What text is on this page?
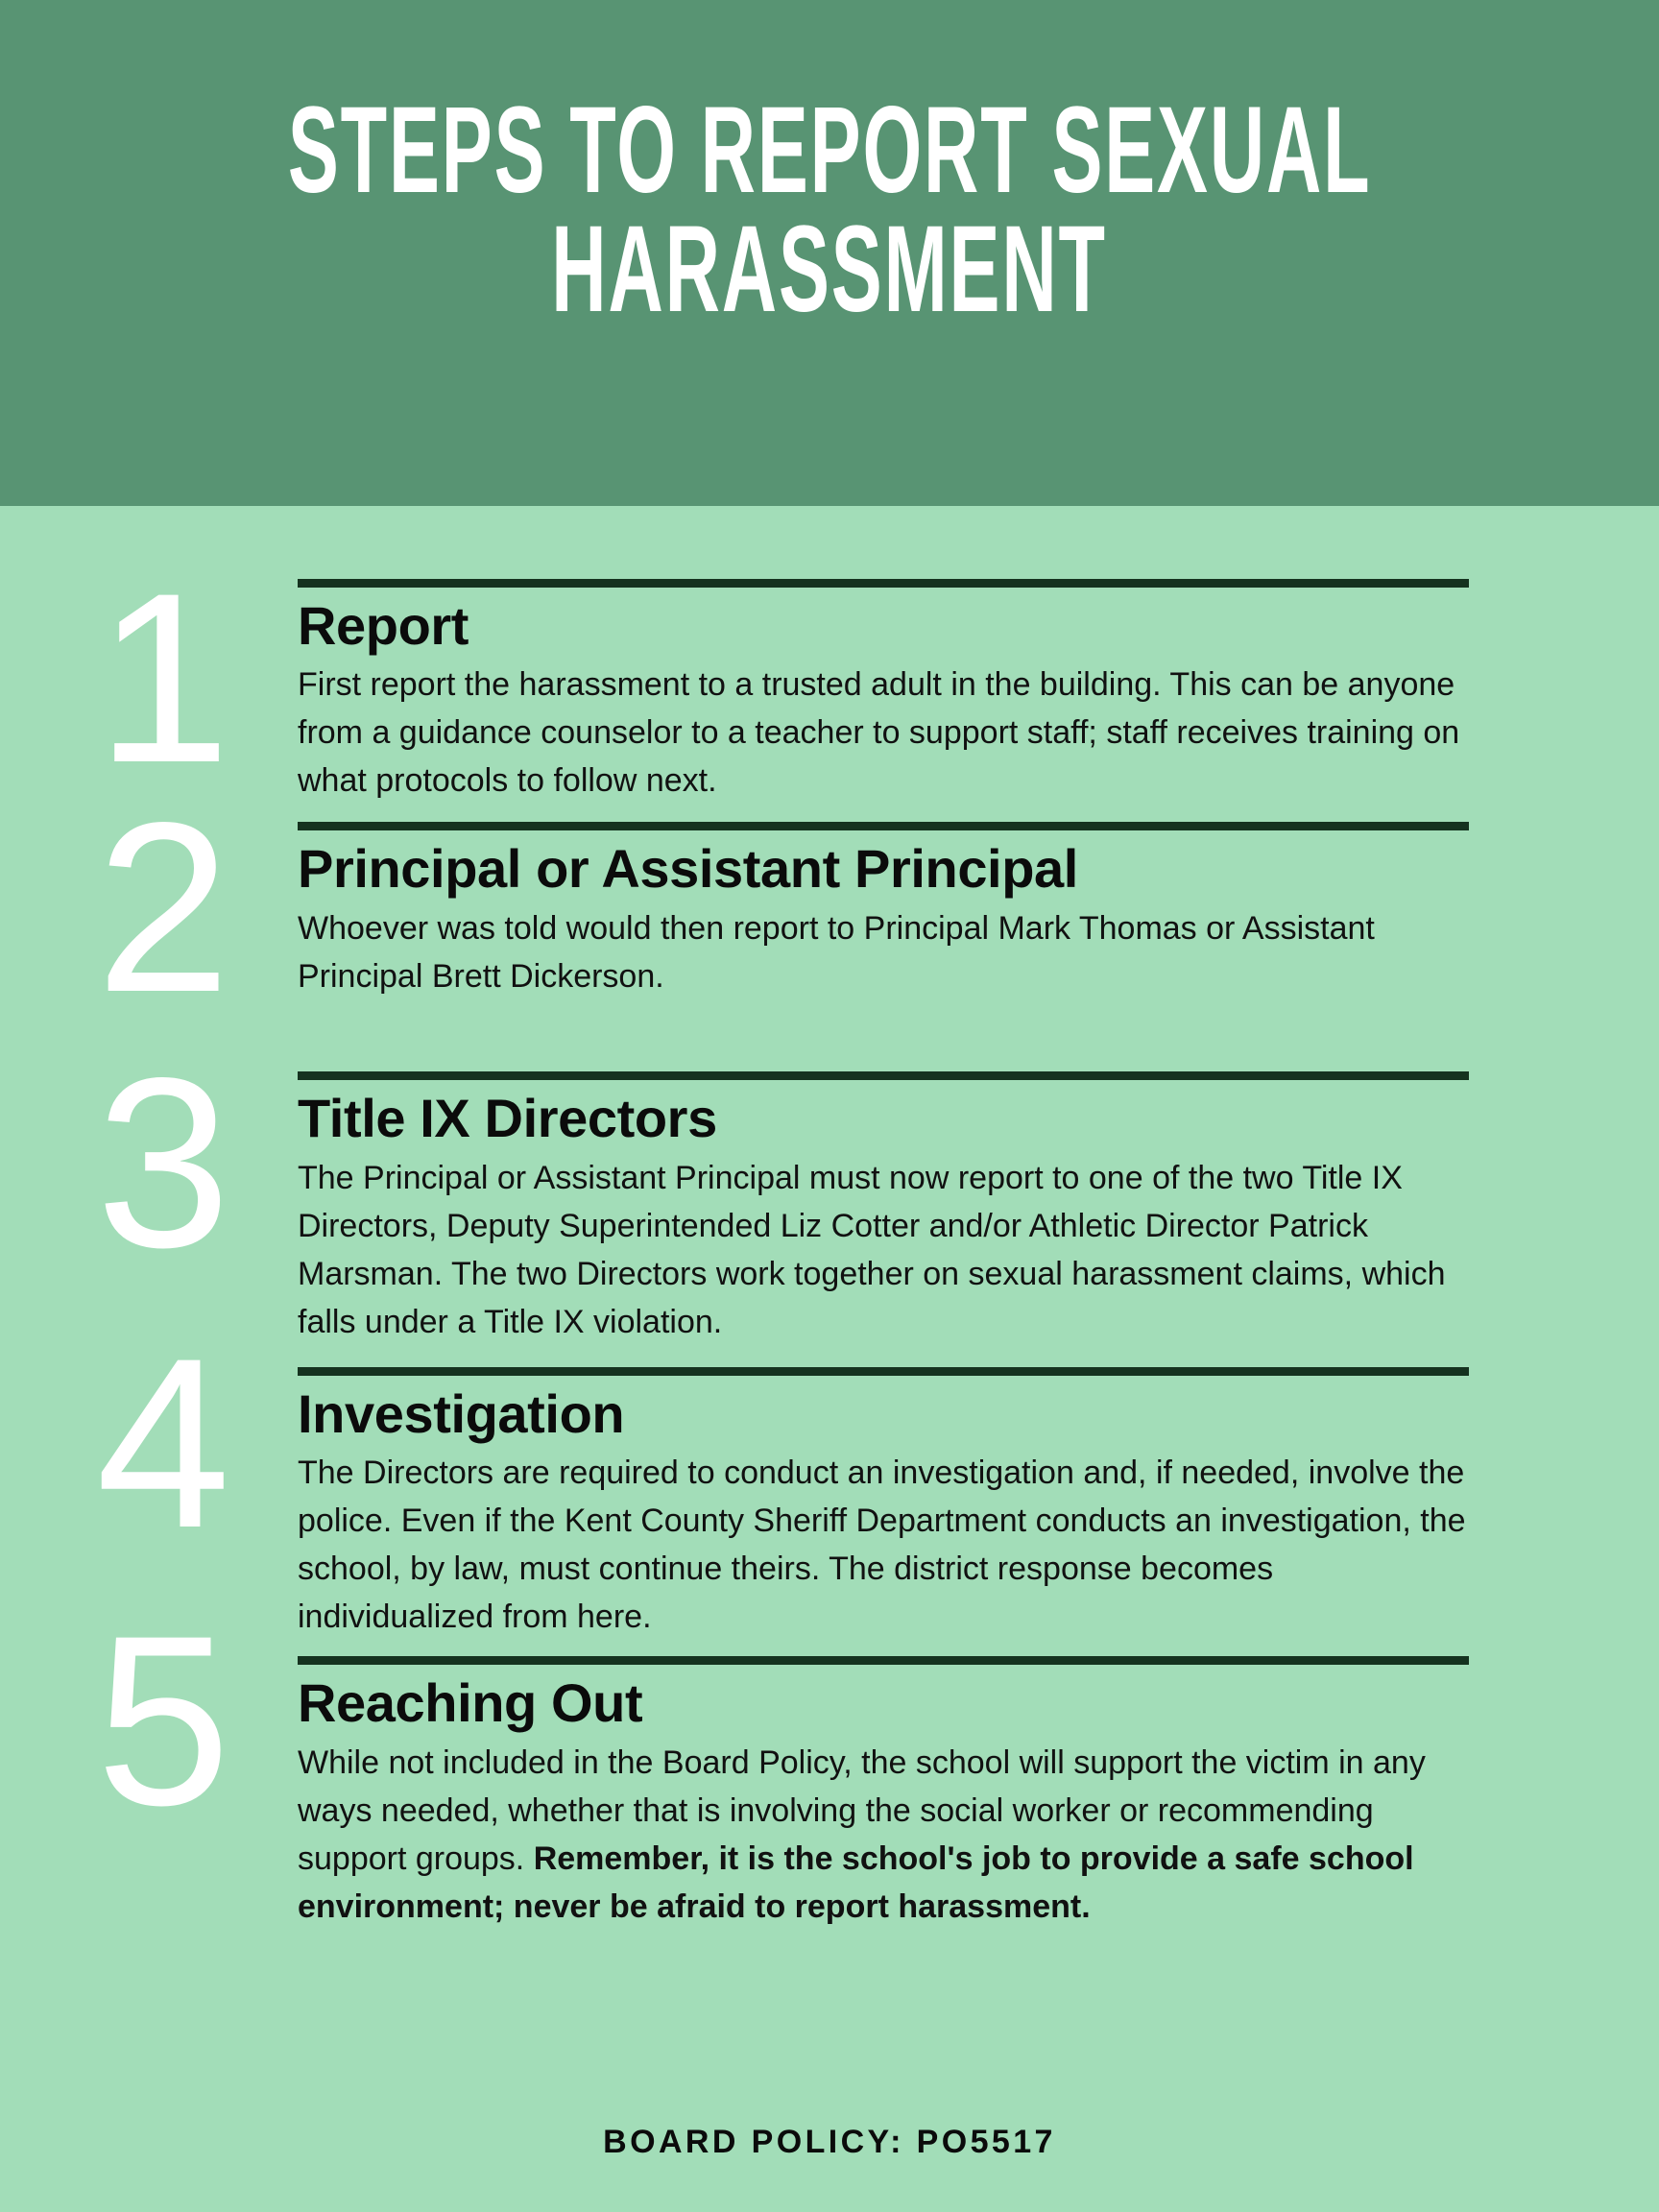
STEPS TO REPORT SEXUAL
HARASSMENT
1	Report
First report the harassment to a trusted adult in the building. This can be anyone from a guidance counselor to a teacher to support staff; staff receives training on what protocols to follow next.
2	Principal or Assistant Principal
Whoever was told would then report to Principal Mark Thomas or Assistant Principal Brett Dickerson.
3	Title IX Directors
The Principal or Assistant Principal must now report to one of the two Title IX Directors, Deputy Superintended Liz Cotter and/or Athletic Director Patrick Marsman. The two Directors work together on sexual harassment claims, which falls under a Title IX violation.
4	Investigation
The Directors are required to conduct an investigation and, if needed, involve the police. Even if the Kent County Sheriff Department conducts an investigation, the school, by law, must continue theirs. The district response becomes individualized from here.
5	Reaching Out
While not included in the Board Policy, the school will support the victim in any ways needed, whether that is involving the social worker or recommending support groups. Remember, it is the school's job to provide a safe school environment; never be afraid to report harassment.
BOARD POLICY: PO5517
